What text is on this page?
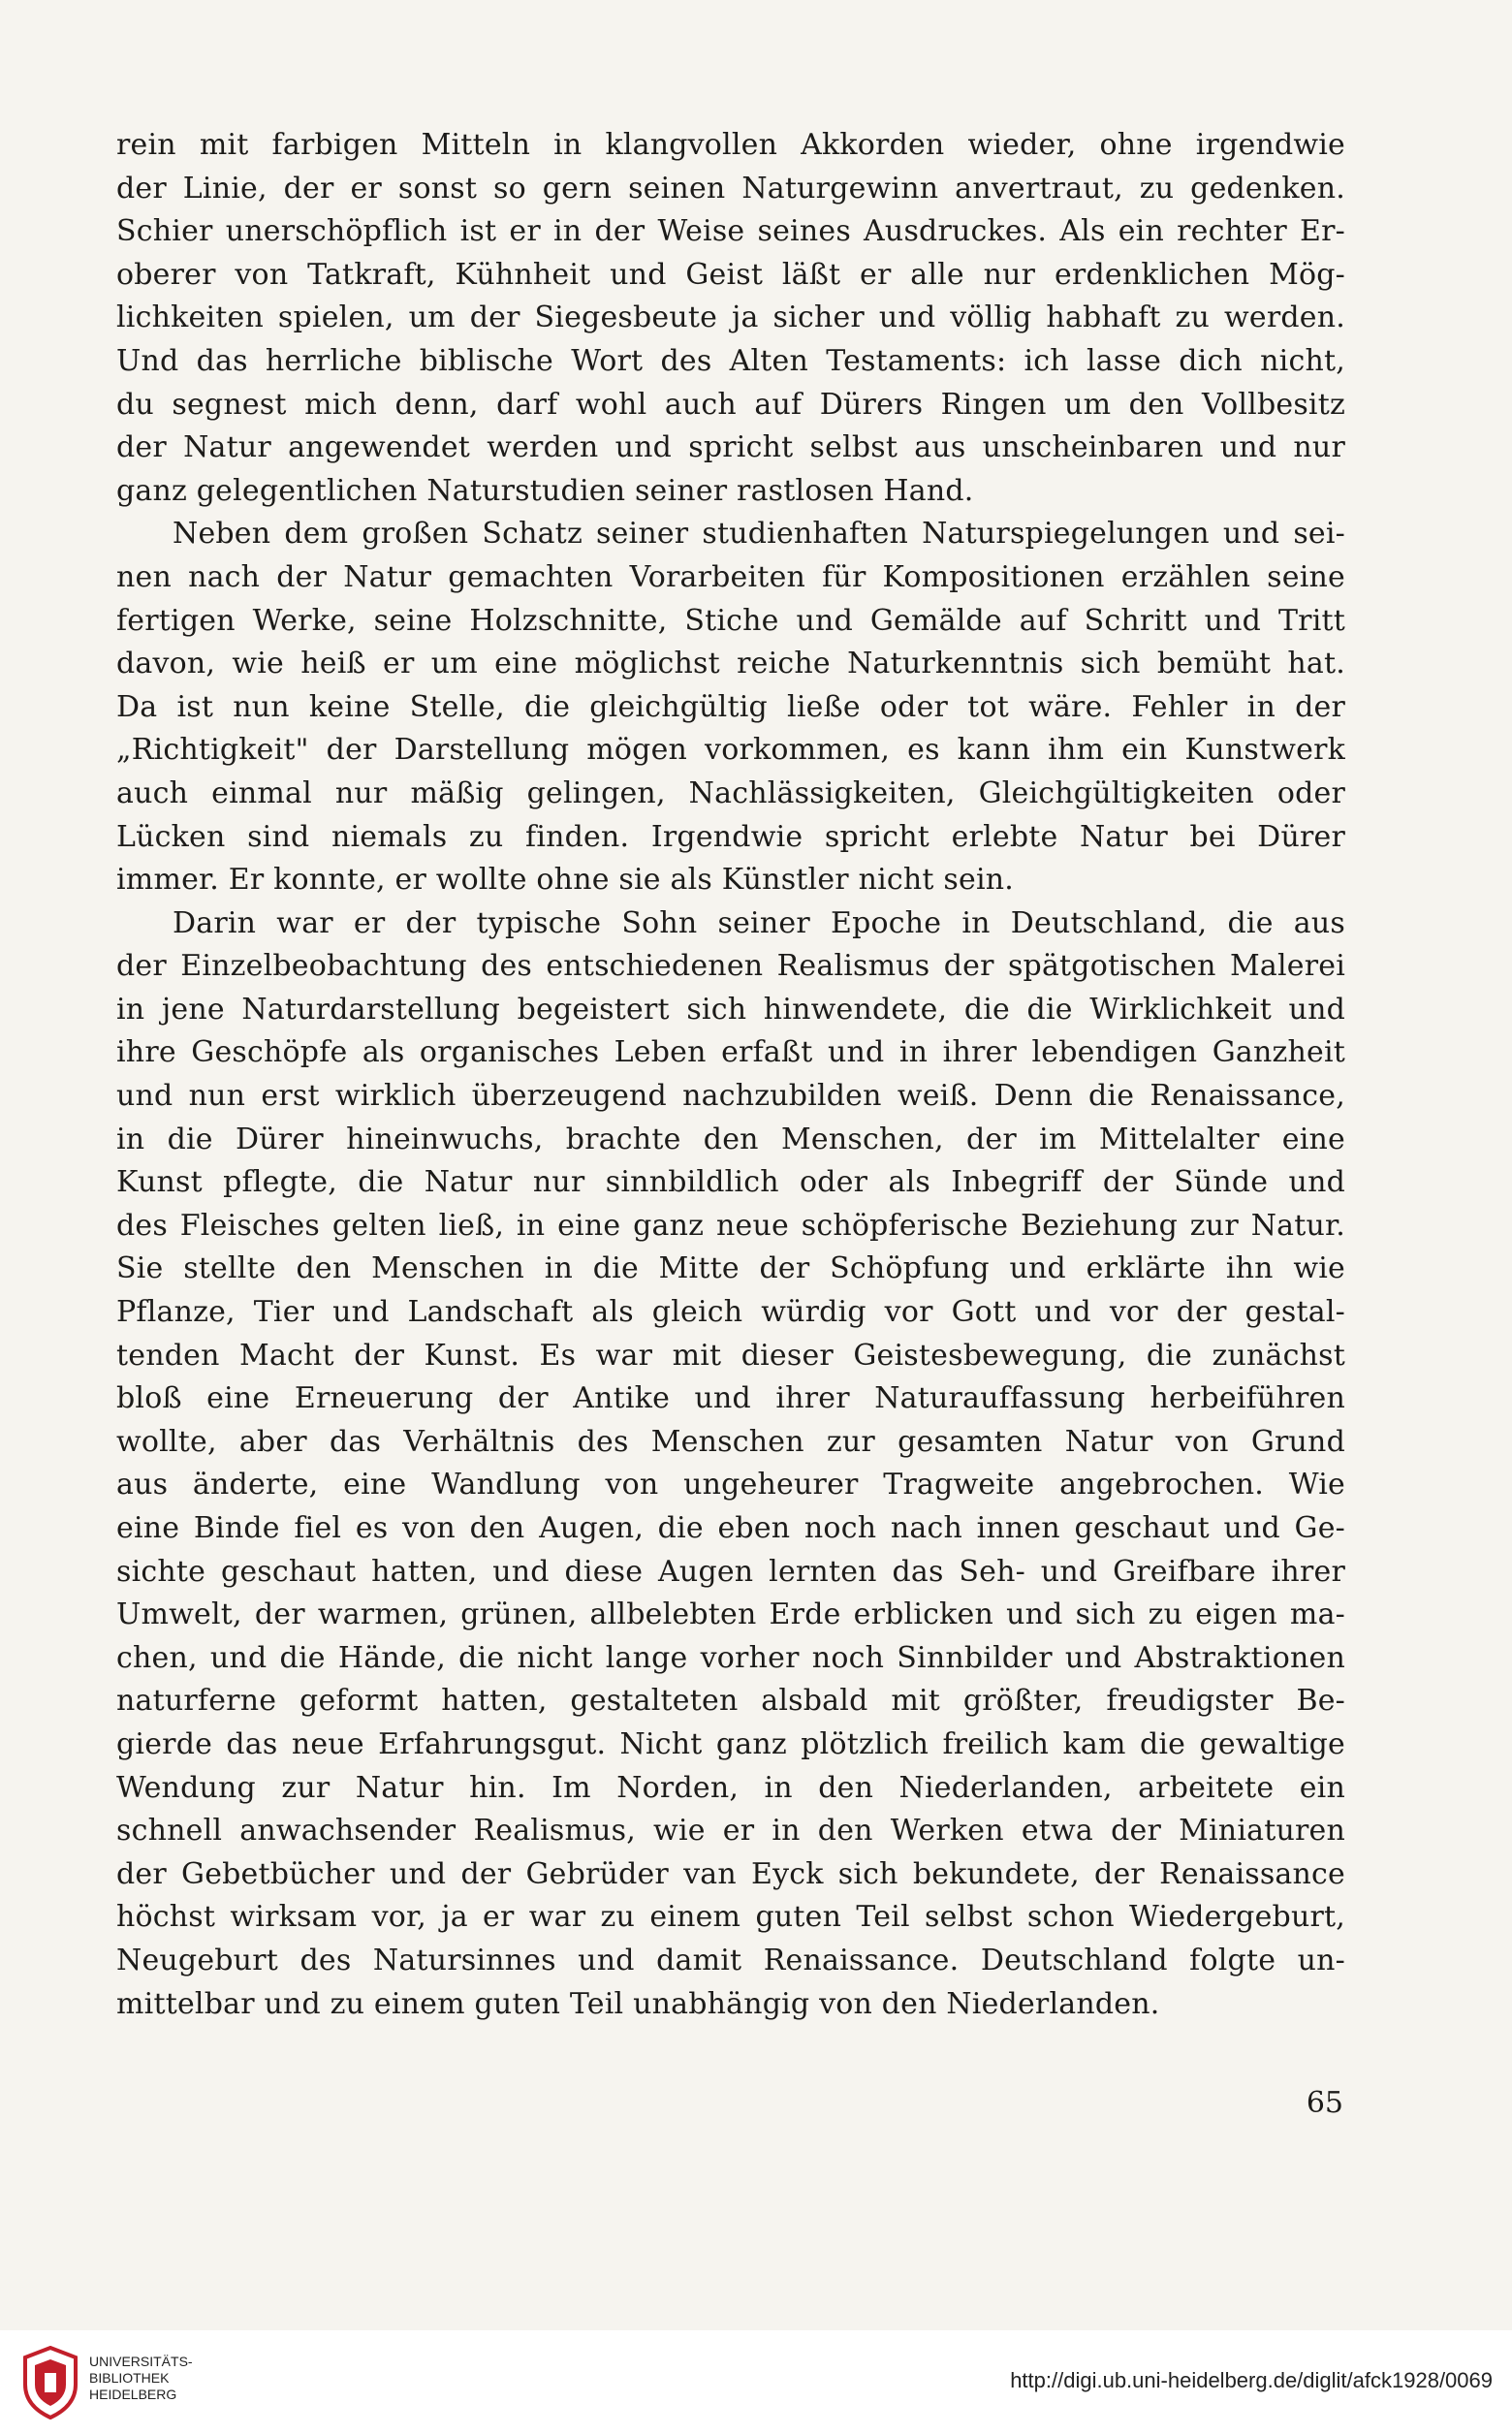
rein mit farbigen Mitteln in klangvollen Akkorden wieder, ohne irgendwie

der Linie, der er sonst so gern seinen Naturgewinn anvertraut, zu gedenken.

Schier unerschöpflich ist er in der Weise seines Ausdruckes. Als ein rechter Er-

oberer von Tatkraft, Kühnheit und Geist läßt er alle nur erdenklichen Mög-

lichkeiten spielen, um der Siegesbeute ja sicher und völlig habhaft zu werden.

Und das herrliche biblische Wort des Alten Testaments: ich lasse dich nicht,

du segnest mich denn, darf wohl auch auf Dürers Ringen um den Vollbesitz

der Natur angewendet werden und spricht selbst aus unscheinbaren und nur

ganz gelegentlichen Naturstudien seiner rastlosen Hand.

Neben dem großen Schatz seiner studienhaften Naturspiegelungen und sei-

nen nach der Natur gemachten Vorarbeiten für Kompositionen erzählen seine

fertigen Werke, seine Holzschnitte, Stiche und Gemälde auf Schritt und Tritt

davon, wie heiß er um eine möglichst reiche Naturkenntnis sich bemüht hat.

Da ist nun keine Stelle, die gleichgültig ließe oder tot wäre. Fehler in der

„Richtigkeit" der Darstellung mögen vorkommen, es kann ihm ein Kunstwerk

auch einmal nur mäßig gelingen, Nachlässigkeiten, Gleichgültigkeiten oder

Lücken sind niemals zu finden. Irgendwie spricht erlebte Natur bei Dürer

immer. Er konnte, er wollte ohne sie als Künstler nicht sein.

Darin war er der typische Sohn seiner Epoche in Deutschland, die aus

der Einzelbeobachtung des entschiedenen Realismus der spätgotischen Malerei

in jene Naturdarstellung begeistert sich hinwendete, die die Wirklichkeit und

ihre Geschöpfe als organisches Leben erfaßt und in ihrer lebendigen Ganzheit

und nun erst wirklich überzeugend nachzubilden weiß. Denn die Renaissance,

in die Dürer hineinwuchs, brachte den Menschen, der im Mittelalter eine

Kunst pflegte, die Natur nur sinnbildlich oder als Inbegriff der Sünde und

des Fleisches gelten ließ, in eine ganz neue schöpferische Beziehung zur Natur.

Sie stellte den Menschen in die Mitte der Schöpfung und erklärte ihn wie

Pflanze, Tier und Landschaft als gleich würdig vor Gott und vor der gestal-

tenden Macht der Kunst. Es war mit dieser Geistesbewegung, die zunächst

bloß eine Erneuerung der Antike und ihrer Naturauffassung herbeiführen

wollte, aber das Verhältnis des Menschen zur gesamten Natur von Grund

aus änderte, eine Wandlung von ungeheurer Tragweite angebrochen. Wie

eine Binde fiel es von den Augen, die eben noch nach innen geschaut und Ge-

sichte geschaut hatten, und diese Augen lernten das Seh- und Greifbare ihrer

Umwelt, der warmen, grünen, allbelebten Erde erblicken und sich zu eigen ma-

chen, und die Hände, die nicht lange vorher noch Sinnbilder und Abstraktionen

naturferne geformt hatten, gestalteten alsbald mit größter, freudigster Be-

gierde das neue Erfahrungsgut. Nicht ganz plötzlich freilich kam die gewaltige

Wendung zur Natur hin. Im Norden, in den Niederlanden, arbeitete ein

schnell anwachsender Realismus, wie er in den Werken etwa der Miniaturen

der Gebetbücher und der Gebrüder van Eyck sich bekundete, der Renaissance

höchst wirksam vor, ja er war zu einem guten Teil selbst schon Wiedergeburt,

Neugeburt des Natursinnes und damit Renaissance. Deutschland folgte un-

mittelbar und zu einem guten Teil unabhängig von den Niederlanden.

65
UNIVERSITÄTS-
BIBLIOTHEK
HEIDELBERG
http://digi.ub.uni-heidelberg.de/diglit/afck1928/0069
